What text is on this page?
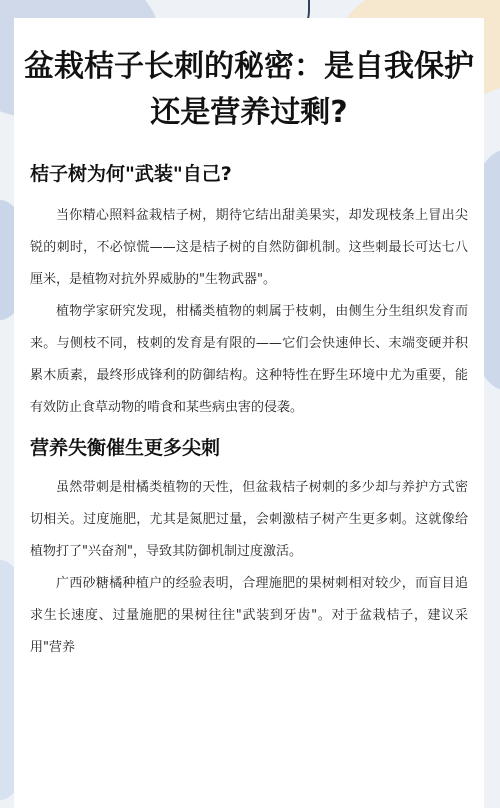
盆栽桔子长刺的秘密：是自我保护还是营养过剩?
桔子树为何"武装"自己?

当你精心照料盆栽桔子树，期待它结出甜美果实，却发现枝条上冒出尖锐的刺时，不必惊慌——这是桔子树的自然防御机制。这些刺最长可达七八厘米，是植物对抗外界威胁的"生物武器"。

植物学家研究发现，柑橘类植物的刺属于枝刺，由侧生分生组织发育而来。与侧枝不同，枝刺的发育是有限的——它们会快速伸长、末端变硬并积累木质素，最终形成锋利的防御结构。这种特性在野生环境中尤为重要，能有效防止食草动物的啃食和某些病虫害的侵袭。

营养失衡催生更多尖刺

虽然带刺是柑橘类植物的天性，但盆栽桔子树刺的多少却与养护方式密切相关。过度施肥，尤其是氮肥过量，会刺激桔子树产生更多刺。这就像给植物打了"兴奋剂"，导致其防御机制过度激活。

广西砂糖橘种植户的经验表明，合理施肥的果树刺相对较少，而盲目追求生长速度、过量施肥的果树往往"武装到牙齿"。对于盆栽桔子，建议采用"营养
